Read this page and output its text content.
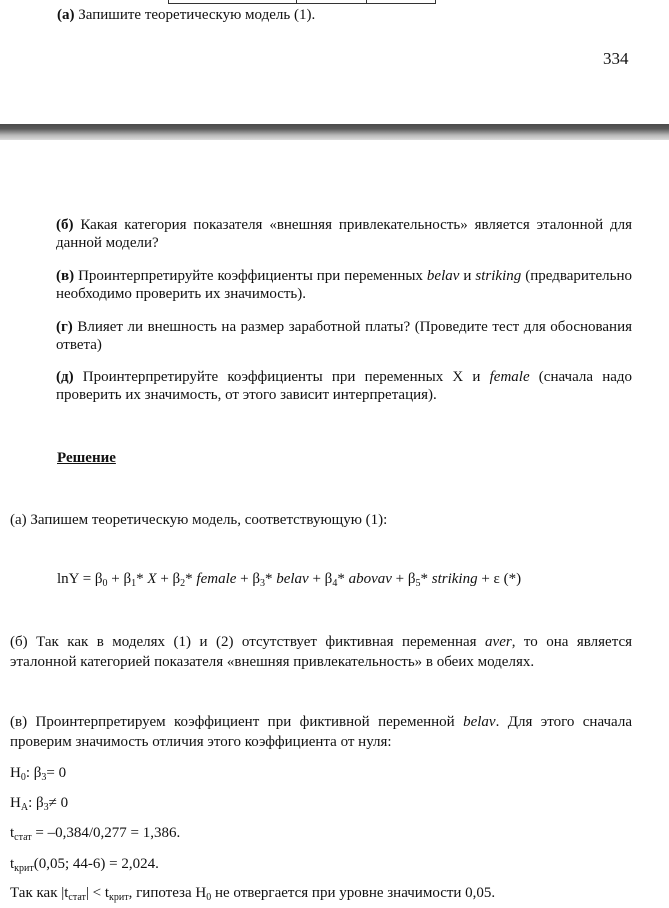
(а) Запишите теоретическую модель (1).
334
(б) Какая категория показателя «внешняя привлекательность» является эталонной для данной модели?
(в) Проинтерпретируйте коэффициенты при переменных belav и striking (предварительно необходимо проверить их значимость).
(г) Влияет ли внешность на размер заработной платы? (Проведите тест для обоснования ответа)
(д) Проинтерпретируйте коэффициенты при переменных X и female (сначала надо проверить их значимость, от этого зависит интерпретация).
Решение
(а) Запишем теоретическую модель, соответствующую (1):
$\ln Y = \beta_0 + \beta_1*$ $X + \beta_2*$ female + $\beta_3*$ belav + $\beta_4*$ abovav + $\beta_5*$ striking + ε (*)
(б) Так как в моделях (1) и (2) отсутствует фиктивная переменная aver, то она является эталонной категорией показателя «внешняя привлекательность» в обеих моделях.
(в) Проинтерпретируем коэффициент при фиктивной переменной belav. Для этого сначала проверим значимость отличия этого коэффициента от нуля:
$H_0$: $\beta_3= 0$
$H_A$: $\beta_3\ne 0$
$t_{стат} = -0,384/0,277 = 1,386$.
$t_{крит}(0,05$; 44-6) = 2,024.
Так как $|t_{стат}| < t_{крит}$, гипотеза $H_0$ не отвергается при уровне значимости 0,05.
